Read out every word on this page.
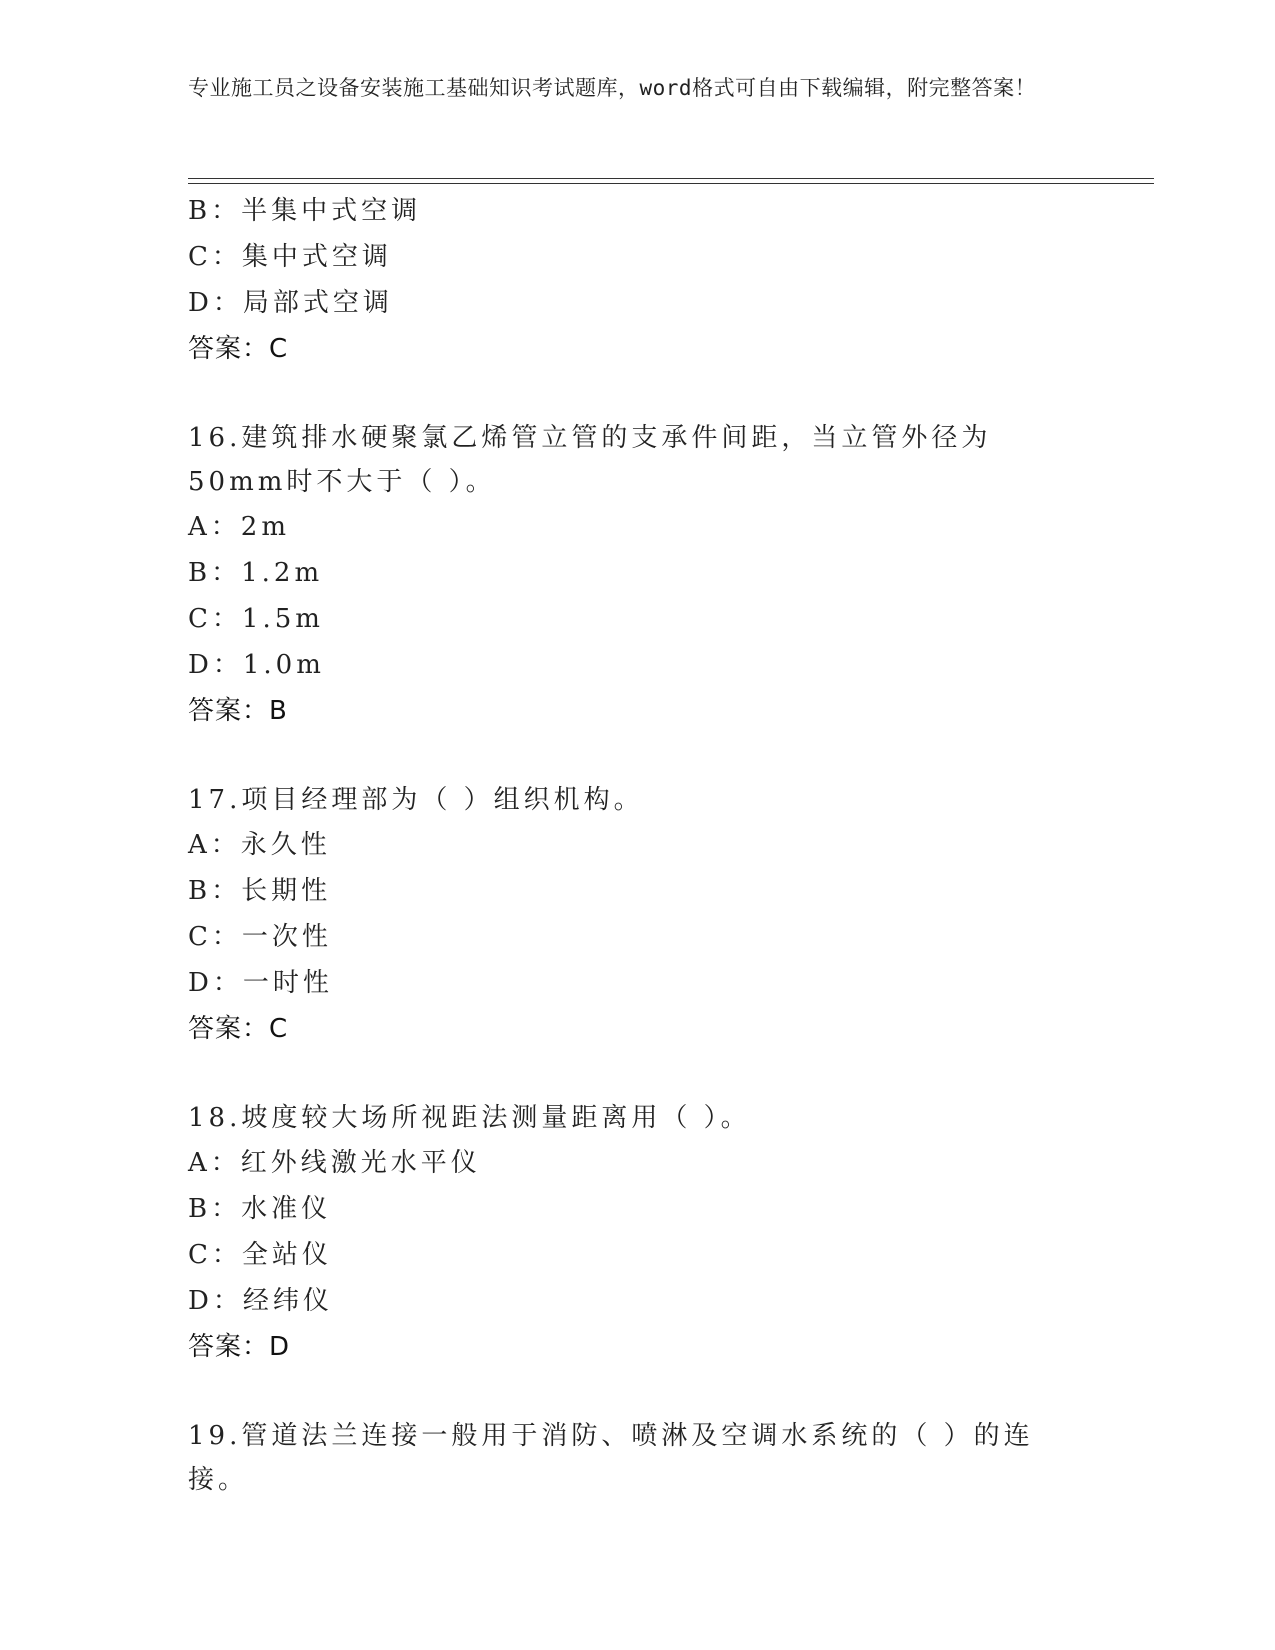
专业施工员之设备安装施工基础知识考试题库，word格式可自由下载编辑，附完整答案！
B：半集中式空调
C：集中式空调
D：局部式空调
答案：C
16.建筑排水硬聚氯乙烯管立管的支承件间距，当立管外径为50mm时不大于（ ）。
A：2m
B：1.2m
C：1.5m
D：1.0m
答案：B
17.项目经理部为（ ）组织机构。
A：永久性
B：长期性
C：一次性
D：一时性
答案：C
18.坡度较大场所视距法测量距离用（ ）。
A：红外线激光水平仪
B：水准仪
C：全站仪
D：经纬仪
答案：D
19.管道法兰连接一般用于消防、喷淋及空调水系统的（ ）的连接。
